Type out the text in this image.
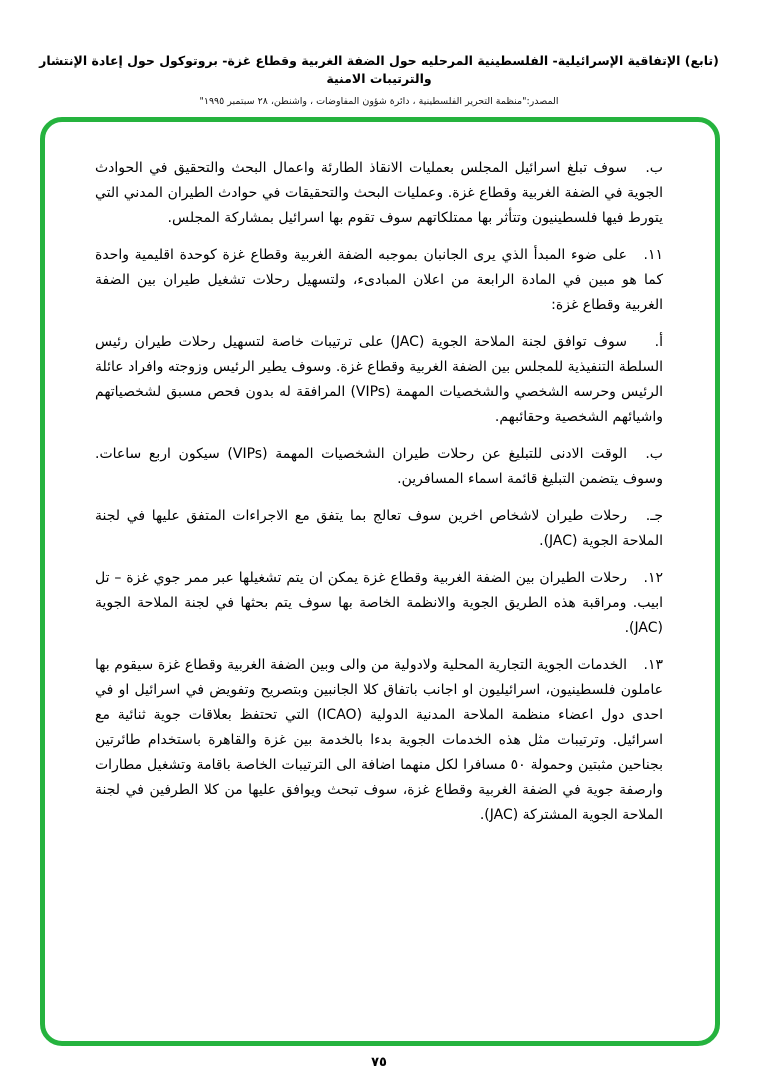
(تابع) الإتفاقية الإسرائيلية- الفلسطينية المرحليه حول الضفة الغربية وقطاع غزة- بروتوكول حول إعادة الإنتشار والترتيبات الامنية
المصدر:"منظمة التحرير الفلسطينية ، دائرة شؤون المفاوضات ، واشنطن، ٢٨ سبتمبر ١٩٩٥"

ب.سوف تبلغ اسرائيل المجلس بعمليات الانقاذ الطارئة واعمال البحث والتحقيق في الحوادث الجوية في الضفة الغربية وقطاع غزة. وعمليات البحث والتحقيقات في حوادث الطيران المدني التي يتورط فيها فلسطينيون وتتأثر بها ممتلكاتهم سوف تقوم بها اسرائيل بمشاركة المجلس.

١١.على ضوء المبدأ الذي يرى الجانبان بموجبه الضفة الغربية وقطاع غزة كوحدة اقليمية واحدة كما هو مبين في المادة الرابعة من اعلان المبادىء، ولتسهيل رحلات تشغيل طيران بين الضفة الغربية وقطاع غزة:

أ.سوف توافق لجنة الملاحة الجوية (JAC) على ترتيبات خاصة لتسهيل رحلات طيران رئيس السلطة التنفيذية للمجلس بين الضفة الغربية وقطاع غزة. وسوف يطير الرئيس وزوجته وافراد عائلة الرئيس وحرسه الشخصي والشخصيات المهمة (VIPs) المرافقة له بدون فحص مسبق لشخصياتهم واشيائهم الشخصية وحقائبهم.

ب.الوقت الادنى للتبليغ عن رحلات طيران الشخصيات المهمة (VIPs) سيكون اربع ساعات. وسوف يتضمن التبليغ قائمة اسماء المسافرين.

جـ.رحلات طيران لاشخاص اخرين سوف تعالج بما يتفق مع الاجراءات المتفق عليها في لجنة الملاحة الجوية (JAC).

١٢.رحلات الطيران بين الضفة الغربية وقطاع غزة يمكن ان يتم تشغيلها عبر ممر جوي غزة – تل ابيب. ومراقبة هذه الطريق الجوية والانظمة الخاصة بها سوف يتم بحثها في لجنة الملاحة الجوية (JAC).

١٣.الخدمات الجوية التجارية المحلية ولادولية من والى وبين الضفة الغربية وقطاع غزة سيقوم بها عاملون فلسطينيون، اسرائيليون او اجانب باتفاق كلا الجانبين وبتصريح وتفويض في اسرائيل او في احدى دول اعضاء منظمة الملاحة المدنية الدولية (ICAO) التي تحتفظ بعلاقات جوية ثنائية مع اسرائيل. وترتيبات مثل هذه الخدمات الجوية بدءا بالخدمة بين غزة والقاهرة باستخدام طائرتين بجناحين مثبتين وحمولة ٥٠ مسافرا لكل منهما اضافة الى الترتيبات الخاصة باقامة وتشغيل مطارات وارصفة جوية في الضفة الغربية وقطاع غزة، سوف تبحث ويوافق عليها من كلا الطرفين في لجنة الملاحة الجوية المشتركة (JAC).

٧٥
